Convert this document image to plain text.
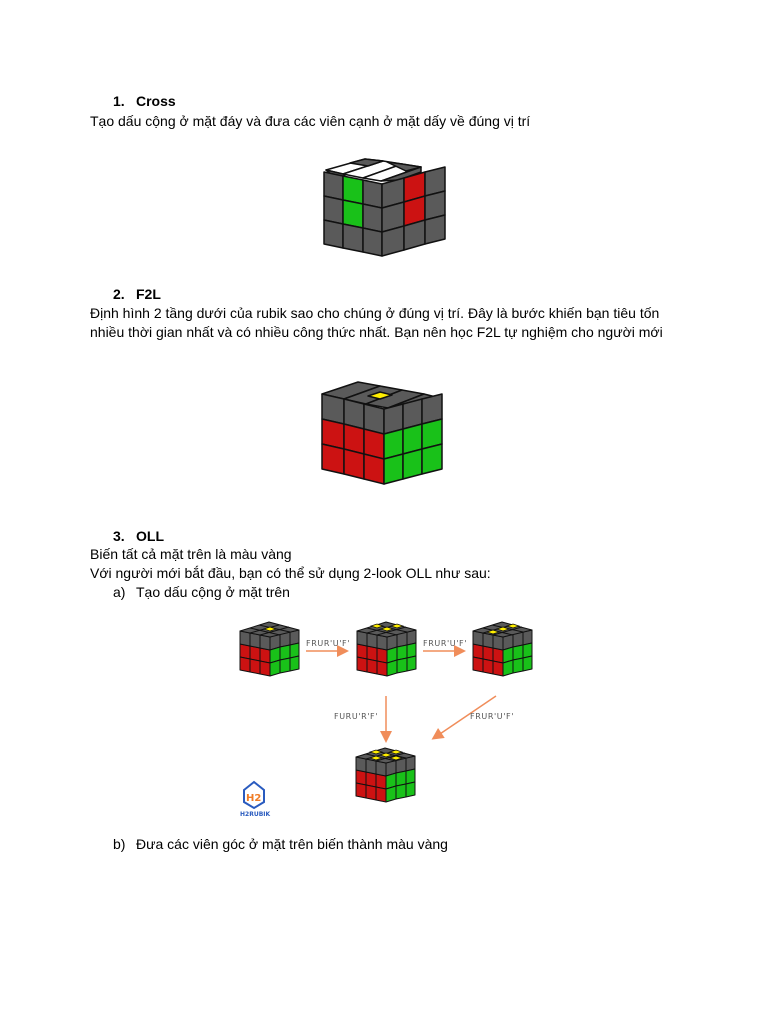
1. Cross
Tạo dấu cộng ở mặt đáy và đưa các viên cạnh ở mặt dấy về đúng vị trí
2. F2L
Định hình 2 tầng dưới của rubik sao cho chúng ở đúng vị trí. Đây là bước khiến bạn tiêu tốn
nhiều thời gian nhất và có nhiều công thức nhất. Bạn nên học F2L tự nghiệm cho người mới
3. OLL
Biến tất cả mặt trên là màu vàng
Với người mới bắt đầu, bạn có thể sử dụng 2-look OLL như sau:
a) Tạo dấu cộng ở mặt trên
FRUR'U'F'	FRUR'U'F'
FURU'R'F'	FRUR'U'F'
H2
H2RUBIK
b) Đưa các viên góc ở mặt trên biến thành màu vàng
